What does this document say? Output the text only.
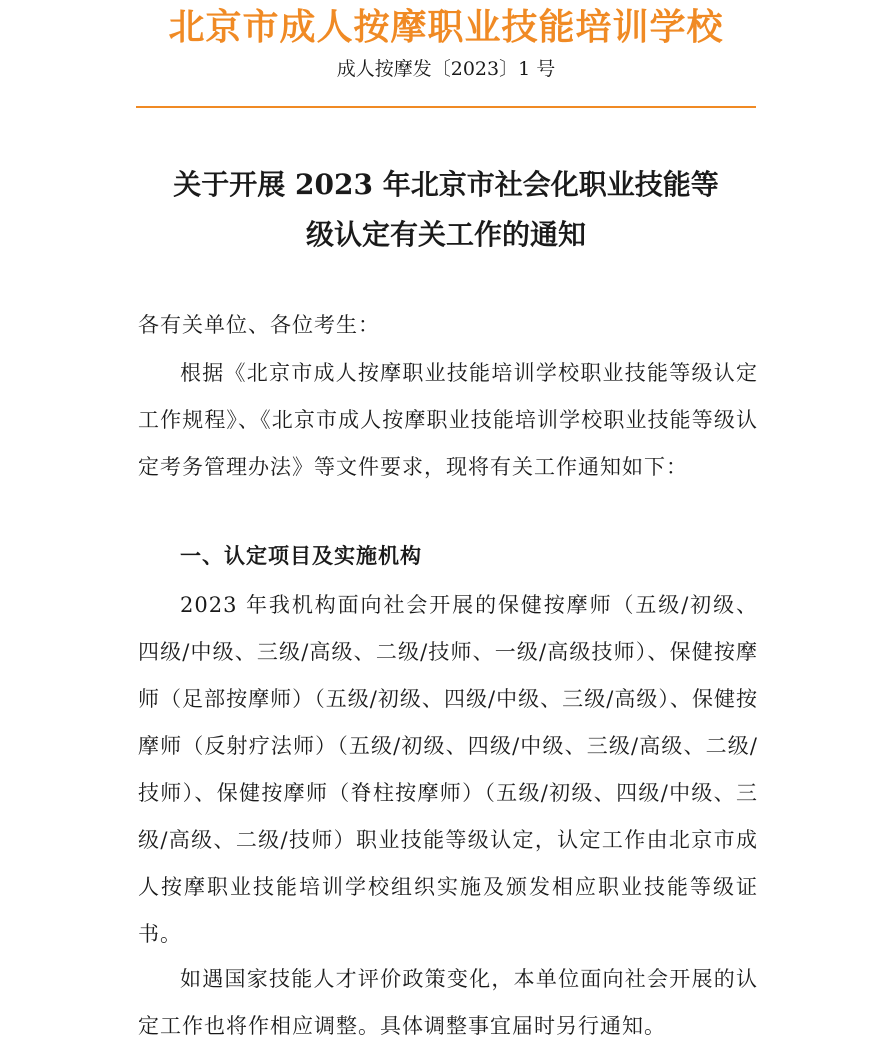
北京市成人按摩职业技能培训学校
成人按摩发〔2023〕1 号
关于开展 2023 年北京市社会化职业技能等
级认定有关工作的通知
各有关单位、各位考生：
根据《北京市成人按摩职业技能培训学校职业技能等级认定工作规程》、《北京市成人按摩职业技能培训学校职业技能等级认定考务管理办法》等文件要求，现将有关工作通知如下：
一、认定项目及实施机构
2023 年我机构面向社会开展的保健按摩师（五级/初级、四级/中级、三级/高级、二级/技师、一级/高级技师）、保健按摩师（足部按摩师）（五级/初级、四级/中级、三级/高级）、保健按摩师（反射疗法师）（五级/初级、四级/中级、三级/高级、二级/技师）、保健按摩师（脊柱按摩师）（五级/初级、四级/中级、三级/高级、二级/技师）职业技能等级认定，认定工作由北京市成人按摩职业技能培训学校组织实施及颁发相应职业技能等级证书。
如遇国家技能人才评价政策变化，本单位面向社会开展的认定工作也将作相应调整。具体调整事宜届时另行通知。
